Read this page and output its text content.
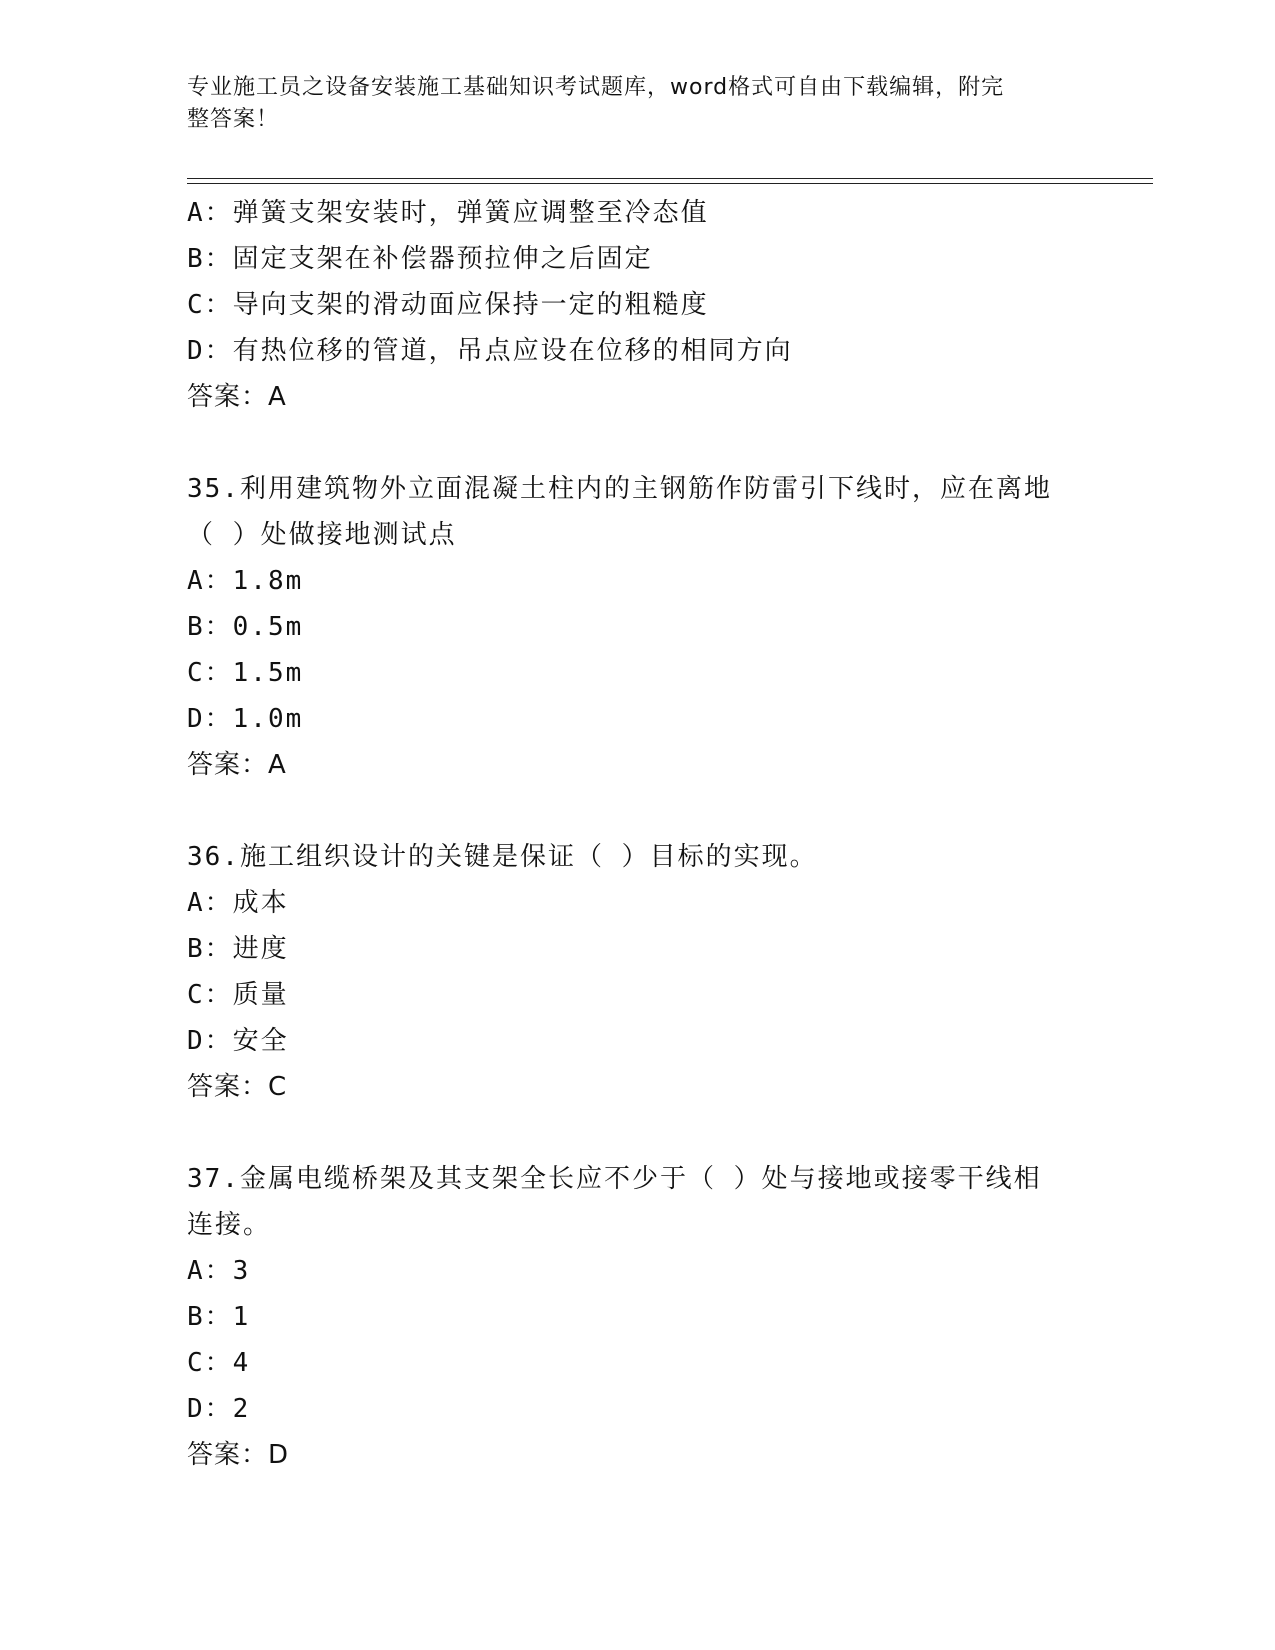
专业施工员之设备安装施工基础知识考试题库，word格式可自由下载编辑，附完
整答案！
A：弹簧支架安装时，弹簧应调整至冷态值
B：固定支架在补偿器预拉伸之后固定
C：导向支架的滑动面应保持一定的粗糙度
D：有热位移的管道，吊点应设在位移的相同方向
答案：A
35.利用建筑物外立面混凝土柱内的主钢筋作防雷引下线时，应在离地
（ ）处做接地测试点
A：1.8m
B：0.5m
C：1.5m
D：1.0m
答案：A
36.施工组织设计的关键是保证（ ）目标的实现。
A：成本
B：进度
C：质量
D：安全
答案：C
37.金属电缆桥架及其支架全长应不少于（ ）处与接地或接零干线相
连接。
A：3
B：1
C：4
D：2
答案：D
